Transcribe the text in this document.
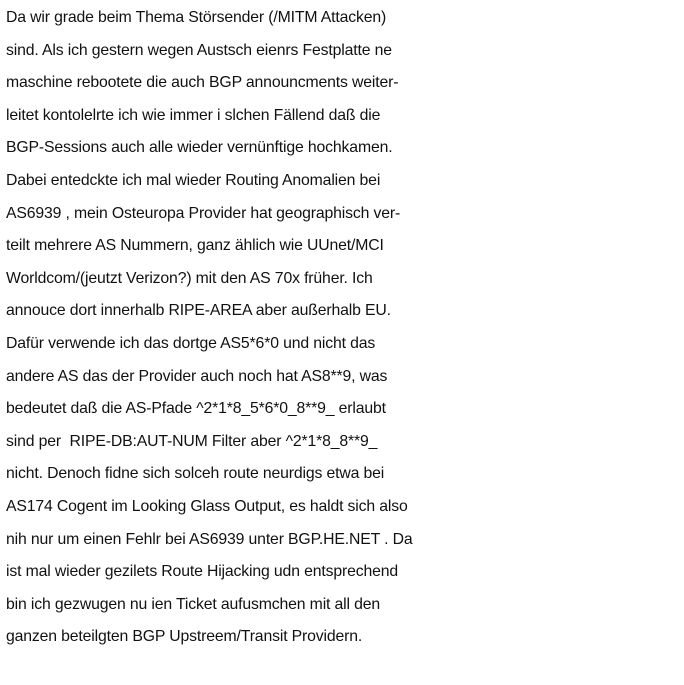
Da wir grade beim Thema Störsender (/MITM Attacken)
sind. Als ich gestern wegen Austsch eienrs Festplatte ne
maschine rebootete die auch BGP announcments weiter-
leitet kontolelrte ich wie immer i slchen Fällend daß die
BGP-Sessions auch alle wieder vernünftige hochkamen.
Dabei entedckte ich mal wieder Routing Anomalien bei
AS6939 , mein Osteuropa Provider hat geographisch ver-
teilt mehrere AS Nummern, ganz ählich wie UUnet/MCI
Worldcom/(jeutzt Verizon?) mit den AS 70x früher. Ich
annouce dort innerhalb RIPE-AREA aber außerhalb EU.
Dafür verwende ich das dortge AS5*6*0 und nicht das
andere AS das der Provider auch noch hat AS8**9, was
bedeutet daß die AS-Pfade ^2*1*8_5*6*0_8**9_ erlaubt
sind per  RIPE-DB:AUT-NUM Filter aber ^2*1*8_8**9_
nicht. Denoch fidne sich solceh route neurdigs etwa bei
AS174 Cogent im Looking Glass Output, es haldt sich also
nih nur um einen Fehlr bei AS6939 unter BGP.HE.NET . Da
ist mal wieder gezilets Route Hijacking udn entsprechend
bin ich gezwugen nu ien Ticket aufusmchen mit all den
ganzen beteilgten BGP Upstreem/Transit Providern.
